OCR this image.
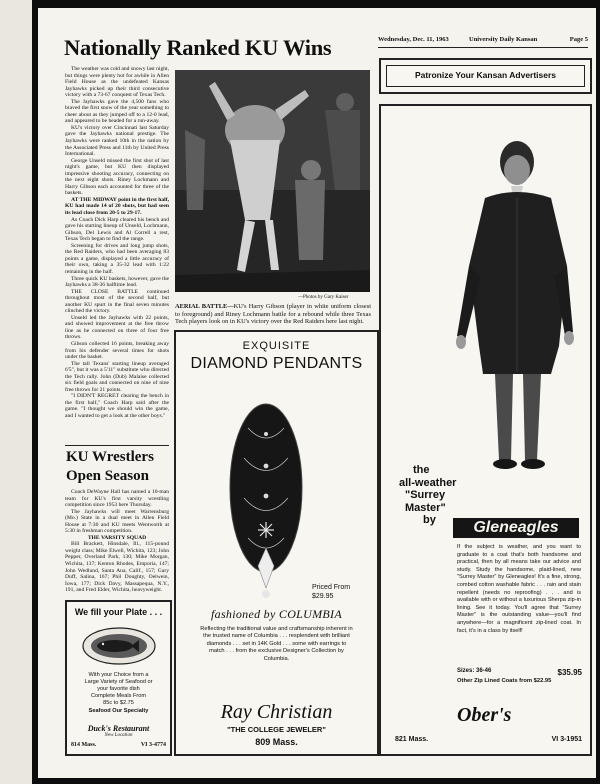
Wednesday, Dec. 11, 1963	University Daily Kansan	Page 5
Nationally Ranked KU Wins

The weather was cold and snowy last night, but things were plenty hot for awhile in Allen Field House as the undefeated Kansas Jayhawks picked up their third consecutive victory with a 73-67 conquest of Texas Tech.

The Jayhawks gave the 4,500 fans who braved the first snow of the year something to cheer about as they jumped off to a 12-0 lead, and appeared to be headed for a run-away.

KU's victory over Cincinnati last Saturday gave the Jayhawks national prestige. The Jayhawks were ranked 10th in the nation by the Associated Press and 11th by United Press International.

George Unseld missed the first shot of last night's game, but KU then displayed impressive shooting accuracy, connecting on the next eight shots. Riney Lochmann and Harry Gibson each accounted for three of the baskets.

AT THE MIDWAY point in the first half, KU had made 14 of 20 shots, but had seen its lead close from 20-5 to 29-17.

As Coach Dick Harp cleared his bench and gave his starting lineup of Unseld, Lochmann, Gibson, Del Lewis and Al Correll a rest, Texas Tech began to find the range.

Screening for drives and long jump shots, the Red Raiders, who had been averaging 83 points a game, displayed a little accuracy of their own, taking a 35-32 lead with 1:22 remaining in the half.

Three quick KU baskets, however, gave the Jayhawks a 38-36 halftime lead.

THE CLOSE BATTLE continued throughout most of the second half, but another KU spurt in the final seven minutes clinched the victory.

Unseld led the Jayhawks with 22 points, and showed improvement at the free throw line as he connected on three of four free throws.

Gibson collected 16 points, breaking away from his defender several times for shots under the basket.

The tall Texans' starting lineup averaged 6'5", but it was a 5'11" substitute who directed the Tech rally. John (Dub) Malaise collected six field goals and connected on nine of nine free throws for 21 points.

"I DIDN'T REGRET clearing the bench in the first half," Coach Harp said after the game. "I thought we should win the game, and I wanted to get a look at the other boys."

KU Wrestlers
Open Season

Coach DeWayne Hall has named a 10-man team for KU's first varsity wrestling competition since 1953 here Thursday.

The Jayhawks will meet Warrensburg (Mo.) State in a dual meet in Allen Field House at 7:30 and KU meets Wentworth at 5:30 in freshman competition.

THE VARSITY SQUAD

Bill Brackett, Hinsdale, Ill., 115-pound weight class; Mike Elwell, Wichita, 123; John Pepper, Overland Park, 130; Mike Morgan, Wichita, 137; Kenton Rhodes, Emporia, 147; John Wedlund, Santa Ana, Calif., 157; Gary Duff, Salina, 167; Phil Doughty, Oelwein, Iowa, 177; Dick Davy, Massapequa, N.Y., 191, and Fred Elder, Wichita, heavyweight.

We fill your Plate . . .
With your Choice from a
Large Variety of Seafood or
your favorite dish
Complete Meals From
85c to $2.75
Seafood Our Specialty
Duck's Restaurant
New Location
814 Mass.	VI 3-4774
—Photos by Gary Kaiser
AERIAL BATTLE—KU's Harry Gibson (player in white uniform closest to foreground) and Riney Lochmann battle for a rebound while three Texas Tech players look on in KU's victory over the Red Raiders here last night.
EXQUISITE
DIAMOND PENDANTS
Priced From
$29.95
fashioned by COLUMBIA
Reflecting the traditional value and craftsmanship inherent in the trusted name of Columbia . . . resplendent with brilliant diamonds . . . set in 14K Gold . . . some with earrings to match . . . from the exclusive Designer's Collection by Columbia.
Ray Christian
"THE COLLEGE JEWELER"
809 Mass.
Patronize Your Kansan Advertisers
the
all-weather
"Surrey
Master"
by	Gleneagles
If the subject is weather, and you want to graduate to a coat that's both handsome and practical, then by all means take our advice and study. Study the handsome, plaid-lined, new "Surrey Master" by Gleneagles! It's a fine, strong, combed cotton washable fabric . . . rain and stain repellent (needs no reproofing) . . . and is available with or without a luxurious Sherpa zip-in lining. See it today. You'll agree that "Surrey Master" is the outstanding value—you'll find anywhere—for a magnificent zip-lined coat. In fact, it's in a class by itself!
Sizes: 36-46	$35.95
Other Zip Lined Coats from $22.95
Ober's
821 Mass.	VI 3-1951
